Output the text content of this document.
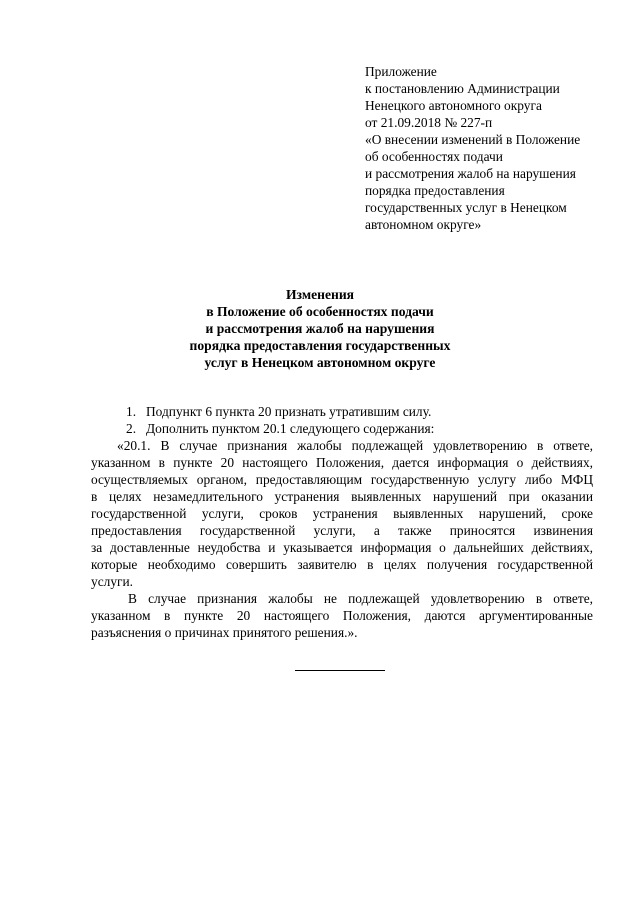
Приложение
к постановлению Администрации
Ненецкого автономного округа
от 21.09.2018 № 227-п
«О внесении изменений в Положение
об особенностях подачи
и рассмотрения жалоб на нарушения
порядка предоставления
государственных услуг в Ненецком
автономном округе»
Изменения
в Положение об особенностях подачи
и рассмотрения жалоб на нарушения
порядка предоставления государственных
услуг в Ненецком автономном округе
1. Подпункт 6 пункта 20 признать утратившим силу.
2. Дополнить пунктом 20.1 следующего содержания:
«20.1. В случае признания жалобы подлежащей удовлетворению в ответе,
указанном в пункте 20 настоящего Положения, дается информация о действиях,
осуществляемых органом, предоставляющим государственную услугу либо МФЦ
в целях незамедлительного устранения выявленных нарушений при оказании
государственной услуги, сроков устранения выявленных нарушений, сроке
предоставления государственной услуги, а также приносятся извинения
за доставленные неудобства и указывается информация о дальнейших действиях,
которые необходимо совершить заявителю в целях получения государственной
услуги.
В случае признания жалобы не подлежащей удовлетворению в ответе,
указанном в пункте 20 настоящего Положения, даются аргументированные
разъяснения о причинах принятого решения.».
